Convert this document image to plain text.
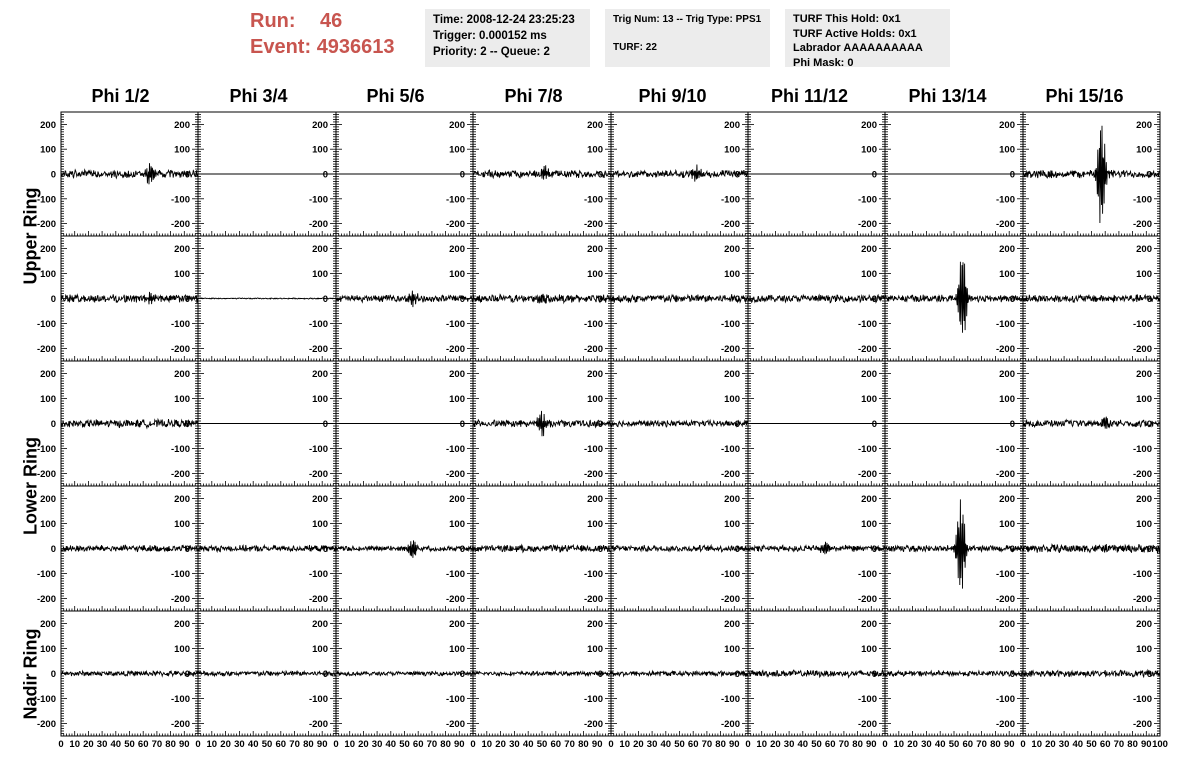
Run: 46
Event: 4936613
Time: 2008-12-24 23:25:23
Trigger: 0.000152 ms
Priority: 2 -- Queue: 2
Trig Num: 13 -- Trig Type: PPS1
TURF: 22
TURF This Hold: 0x1
TURF Active Holds: 0x1
Labrador AAAAAAAAAA
Phi Mask: 0
Phi 1/2	Phi 3/4	Phi 5/6	Phi 7/8	Phi 9/10	Phi 11/12	Phi 13/14	Phi 15/16
Upper Ring
Lower Ring
Nadir Ring
200
100
0
-100
-200
200
100
0
-100
-200
200
100
0
-100
-200
200
100
0
-100
-200
200
100
0
-100
-200
200
100
0
-100
-200
200
100
0
-100
-200
200
100
0
-100
-200
200
100
0
-100
-200
200
100
0
-100
-200
200
100
0
-100
-200
200
100
0
-100
-200
200
100
0
-100
-200
200
100
0
-100
-200
200
100
0
-100
-200
200
100
0
-100
-200
200
100
0
-100
-200
200
100
0
-100
-200
200
100
0
-100
-200
200
100
0
-100
-200
200
100
0
-100
-200
200
100
0
-100
-200
200
100
0
-100
-200
200
100
0
-100
-200
200
100
0
-100
-200
200
100
0
-100
-200
200
100
0
-100
-200
200
100
0
-100
-200
200
100
0
-100
-200
200
100
0
-100
-200
200
100
0
-100
-200
200
100
0
-100
-200
200
100
0
-100
-200
200
100
0
-100
-200
200
100
0
-100
-200
200
100
0
-100
-200
200
100
0
-100
-200
200
100
0
-100
-200
200
100
0
-100
-200
200
100
0
-100
-200
200
100
0
-100
-200
200
100
0
-100
-200
200
100
0
-100
-200
200
100
0
-100
-200
200
100
0
-100
-200
0 10 20 30 40 50 60 70 80 90 0 10 20 30 40 50 60 70 80 90 0 10 20 30 40 50 60 70 80 90 0 10 20 30 40 50 60 70 80 90 0 10 20 30 40 50 60 70 80 90 0 10 20 30 40 50 60 70 80 90 0 10 20 30 40 50 60 70 80 90 0 10 20 30 40 50 60 70 80 90 100
